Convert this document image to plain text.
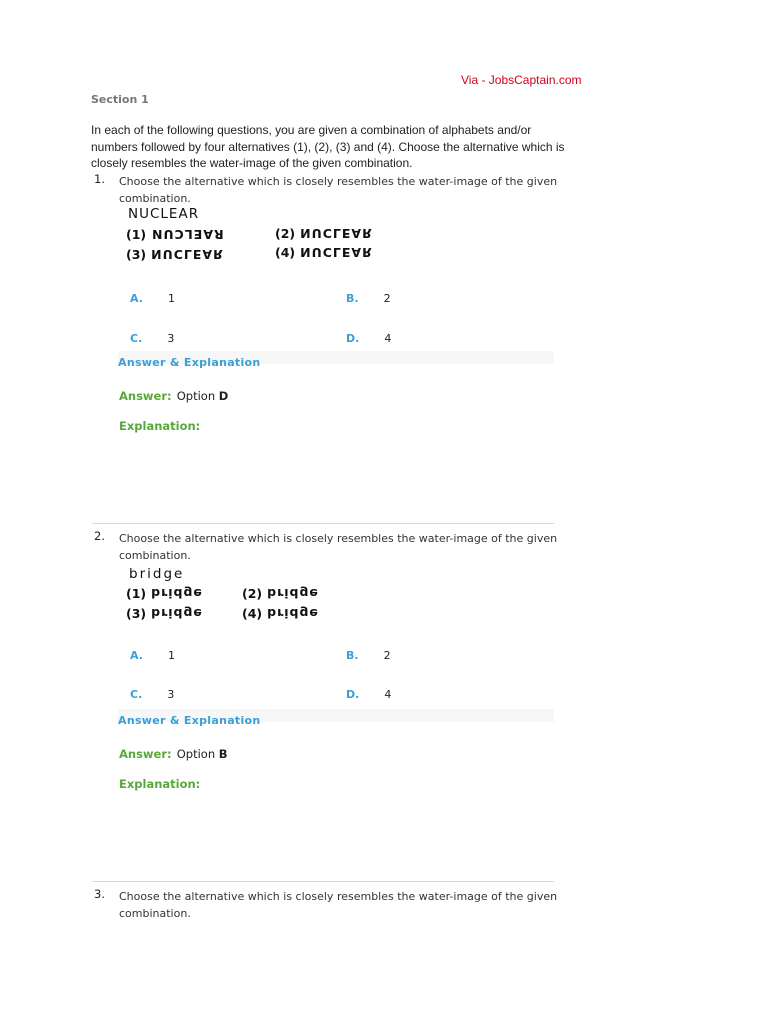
Via - JobsCaptain.com
Section 1
In each of the following questions, you are given a combination of alphabets and/or numbers followed by four alternatives (1), (2), (3) and (4). Choose the alternative which is closely resembles the water-image of the given combination.
1. Choose the alternative which is closely resembles the water-image of the given combination.
NUCLEAR
(1) RAELCUN	(2) NUCLEAR
(3) NUCLEAR	(4) NUCLEAR
A. 1	B. 2
C. 3	D. 4
Answer & Explanation
Answer: Option D
Explanation:
2. Choose the alternative which is closely resembles the water-image of the given combination.
bridge
(1) bridge	(2) bridge
(3) bridge	(4) bridge
A. 1	B. 2
C. 3	D. 4
Answer & Explanation
Answer: Option B
Explanation:
3. Choose the alternative which is closely resembles the water-image of the given combination.
